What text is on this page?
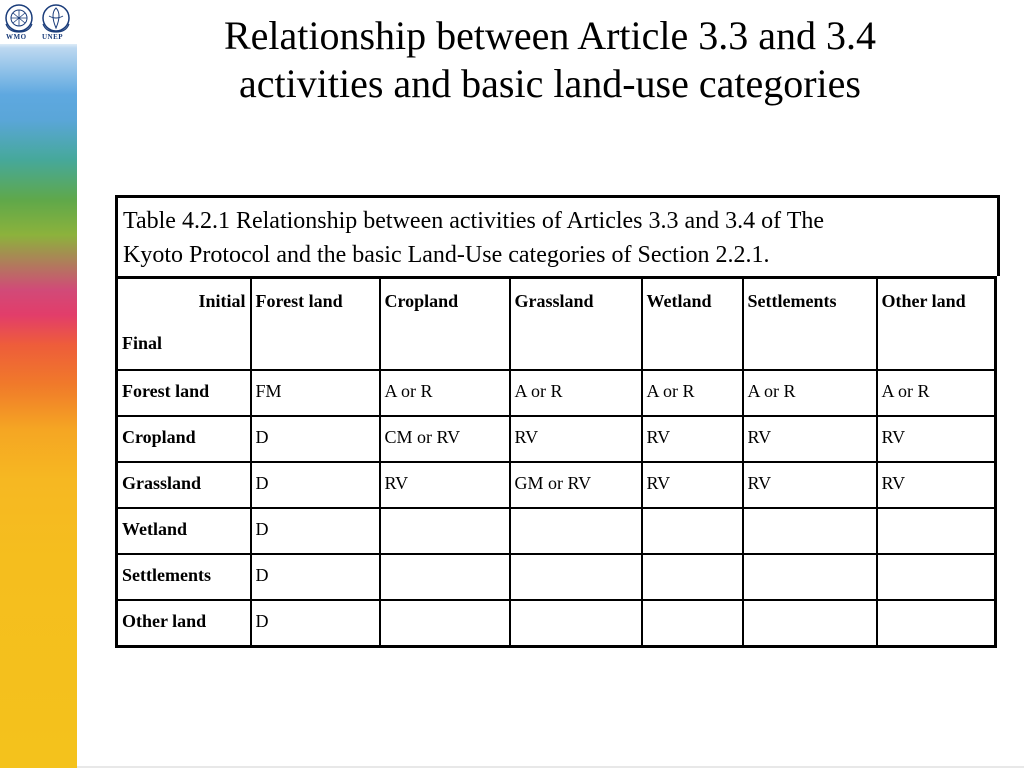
WMO UNEP	Relationship between Article 3.3 and 3.4
activities and basic land-use categories
Table 4.2.1 Relationship between activities of Articles 3.3 and 3.4 of The
Kyoto Protocol and the basic Land-Use categories of Section 2.2.1.
Initial
Final	Forest land	Cropland	Grassland	Wetland	Settlements	Other land
Forest land	FM	A or R	A or R	A or R	A or R	A or R
Cropland	D	CM or RV	RV	RV	RV	RV
Grassland	D	RV	GM or RV	RV	RV	RV
Wetland	D					
Settlements	D					
Other land	D					
